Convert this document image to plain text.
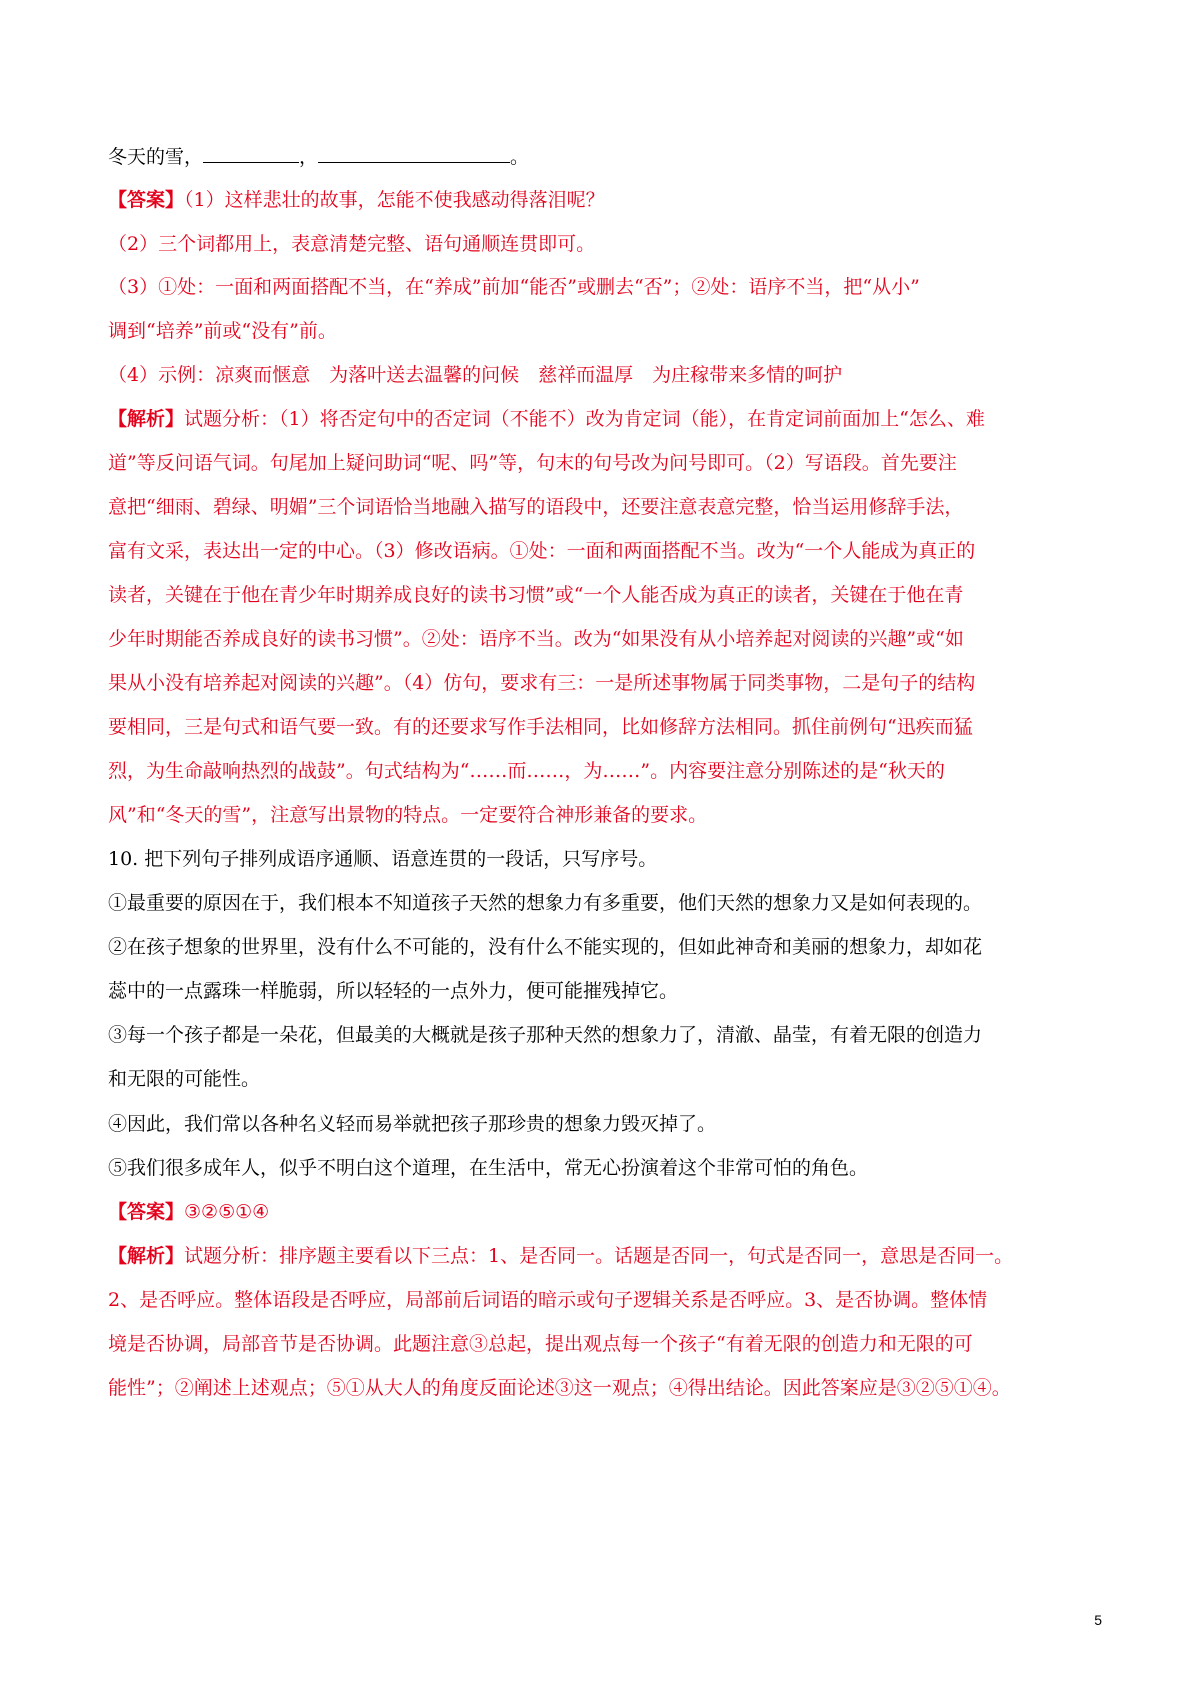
冬天的雪，	，	。
【答案】（1）这样悲壮的故事，怎能不使我感动得落泪呢？
（2）三个词都用上，表意清楚完整、语句通顺连贯即可。
（3）①处：一面和两面搭配不当，在“养成”前加“能否”或删去“否”；②处：语序不当，把“从小”
调到“培养”前或“没有”前。
（4）示例：凉爽而惬意　为落叶送去温馨的问候　慈祥而温厚　为庄稼带来多情的呵护
【解析】试题分析：（1）将否定句中的否定词（不能不）改为肯定词（能），在肯定词前面加上“怎么、难
道”等反问语气词。句尾加上疑问助词“呢、吗”等，句末的句号改为问号即可。（2）写语段。首先要注
意把“细雨、碧绿、明媚”三个词语恰当地融入描写的语段中，还要注意表意完整，恰当运用修辞手法，
富有文采，表达出一定的中心。（3）修改语病。①处：一面和两面搭配不当。改为“一个人能成为真正的
读者，关键在于他在青少年时期养成良好的读书习惯”或“一个人能否成为真正的读者，关键在于他在青
少年时期能否养成良好的读书习惯”。②处：语序不当。改为“如果没有从小培养起对阅读的兴趣”或“如
果从小没有培养起对阅读的兴趣”。（4）仿句，要求有三：一是所述事物属于同类事物，二是句子的结构
要相同，三是句式和语气要一致。有的还要求写作手法相同，比如修辞方法相同。抓住前例句“迅疾而猛
烈，为生命敲响热烈的战鼓”。句式结构为“……而……，为……”。内容要注意分别陈述的是“秋天的
风”和“冬天的雪”，注意写出景物的特点。一定要符合神形兼备的要求。
10. 把下列句子排列成语序通顺、语意连贯的一段话，只写序号。
①最重要的原因在于，我们根本不知道孩子天然的想象力有多重要，他们天然的想象力又是如何表现的。
②在孩子想象的世界里，没有什么不可能的，没有什么不能实现的，但如此神奇和美丽的想象力，却如花
蕊中的一点露珠一样脆弱，所以轻轻的一点外力，便可能摧残掉它。
③每一个孩子都是一朵花，但最美的大概就是孩子那种天然的想象力了，清澈、晶莹，有着无限的创造力
和无限的可能性。
④因此，我们常以各种名义轻而易举就把孩子那珍贵的想象力毁灭掉了。
⑤我们很多成年人，似乎不明白这个道理，在生活中，常无心扮演着这个非常可怕的角色。
【答案】③②⑤①④
【解析】试题分析：排序题主要看以下三点：1、是否同一。话题是否同一，句式是否同一，意思是否同一。
2、是否呼应。整体语段是否呼应，局部前后词语的暗示或句子逻辑关系是否呼应。3、是否协调。整体情
境是否协调，局部音节是否协调。此题注意③总起，提出观点每一个孩子“有着无限的创造力和无限的可
能性”；②阐述上述观点；⑤①从大人的角度反面论述③这一观点；④得出结论。因此答案应是③②⑤①④。
5
